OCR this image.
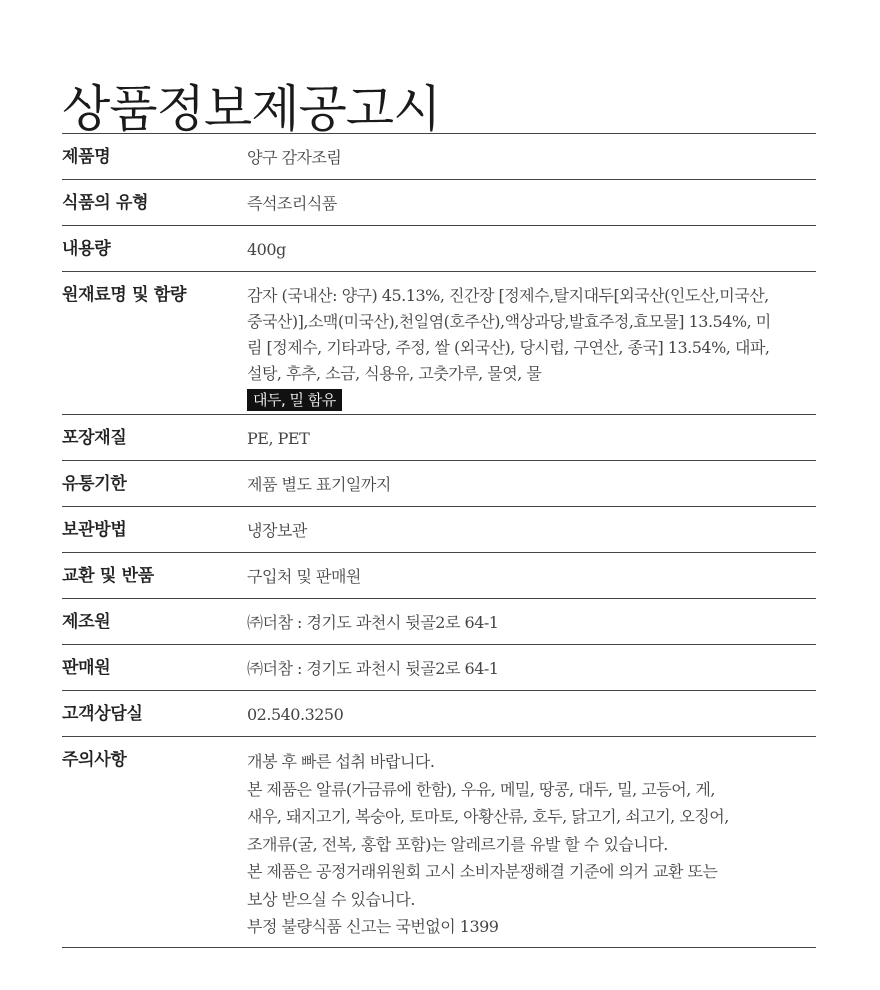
상품정보제공고시
제품명	양구 감자조림
식품의 유형	즉석조리식품
내용량	400g
원재료명 및 함량	감자 (국내산: 양구) 45.13%, 진간장 [정제수,탈지대두[외국산(인도산,미국산,
중국산)],소맥(미국산),천일염(호주산),액상과당,발효주정,효모물] 13.54%, 미
림 [정제수, 기타과당, 주정, 쌀 (외국산), 당시럽, 구연산, 종국] 13.54%, 대파,
설탕, 후추, 소금, 식용유, 고춧가루, 물엿, 물
대두, 밀 함유
포장재질	PE, PET
유통기한	제품 별도 표기일까지
보관방법	냉장보관
교환 및 반품	구입처 및 판매원
제조원	㈜더참 : 경기도 과천시 뒷골2로 64-1
판매원	㈜더참 : 경기도 과천시 뒷골2로 64-1
고객상담실	02.540.3250
주의사항	개봉 후 빠른 섭취 바랍니다.
본 제품은 알류(가금류에 한함), 우유, 메밀, 땅콩, 대두, 밀, 고등어, 게,
새우, 돼지고기, 복숭아, 토마토, 아황산류, 호두, 닭고기, 쇠고기, 오징어,
조개류(굴, 전복, 홍합 포함)는 알레르기를 유발 할 수 있습니다.
본 제품은 공정거래위원회 고시 소비자분쟁해결 기준에 의거 교환 또는
보상 받으실 수 있습니다.
부정 불량식품 신고는 국번없이 1399
